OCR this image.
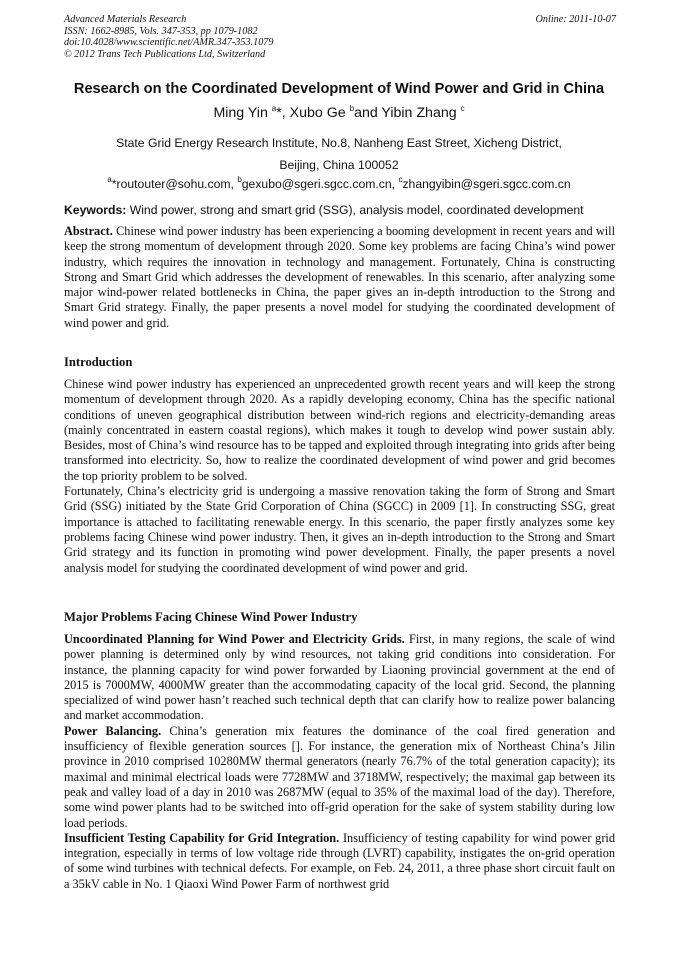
Advanced Materials Research
ISSN: 1662-8985, Vols. 347-353, pp 1079-1082
doi:10.4028/www.scientific.net/AMR.347-353.1079
© 2012 Trans Tech Publications Ltd, Switzerland
Online: 2011-10-07
Research on the Coordinated Development of Wind Power and Grid in China
Ming Yin $^a$*, Xubo Ge $^b$and Yibin Zhang $^c$
State Grid Energy Research Institute, No.8, Nanheng East Street, Xicheng District,
Beijing, China 100052
$^a$*routouter@sohu.com, $^b$gexubo@sgeri.sgcc.com.cn, $^c$zhangyibin@sgeri.sgcc.com.cn
Keywords: Wind power, strong and smart grid (SSG), analysis model, coordinated development

Abstract. Chinese wind power industry has been experiencing a booming development in recent years and will keep the strong momentum of development through 2020. Some key problems are facing China’s wind power industry, which requires the innovation in technology and management. Fortunately, China is constructing Strong and Smart Grid which addresses the development of renewables. In this scenario, after analyzing some major wind-power related bottlenecks in China, the paper gives an in-depth introduction to the Strong and Smart Grid strategy. Finally, the paper presents a novel model for studying the coordinated development of wind power and grid.

Introduction

Chinese wind power industry has experienced an unprecedented growth recent years and will keep the strong momentum of development through 2020. As a rapidly developing economy, China has the specific national conditions of uneven geographical distribution between wind-rich regions and electricity-demanding areas (mainly concentrated in eastern coastal regions), which makes it tough to develop wind power sustain ably. Besides, most of China’s wind resource has to be tapped and exploited through integrating into grids after being transformed into electricity. So, how to realize the coordinated development of wind power and grid becomes the top priority problem to be solved.

Fortunately, China’s electricity grid is undergoing a massive renovation taking the form of Strong and Smart Grid (SSG) initiated by the State Grid Corporation of China (SGCC) in 2009 [1]. In constructing SSG, great importance is attached to facilitating renewable energy. In this scenario, the paper firstly analyzes some key problems facing Chinese wind power industry. Then, it gives an in-depth introduction to the Strong and Smart Grid strategy and its function in promoting wind power development. Finally, the paper presents a novel analysis model for studying the coordinated development of wind power and grid.

Major Problems Facing Chinese Wind Power Industry

Uncoordinated Planning for Wind Power and Electricity Grids. First, in many regions, the scale of wind power planning is determined only by wind resources, not taking grid conditions into consideration. For instance, the planning capacity for wind power forwarded by Liaoning provincial government at the end of 2015 is 7000MW, 4000MW greater than the accommodating capacity of the local grid. Second, the planning specialized of wind power hasn’t reached such technical depth that can clarify how to realize power balancing and market accommodation.

Power Balancing. China’s generation mix features the dominance of the coal fired generation and insufficiency of flexible generation sources []. For instance, the generation mix of Northeast China’s Jilin province in 2010 comprised 10280MW thermal generators (nearly 76.7% of the total generation capacity); its maximal and minimal electrical loads were 7728MW and 3718MW, respectively; the maximal gap between its peak and valley load of a day in 2010 was 2687MW (equal to 35% of the maximal load of the day). Therefore, some wind power plants had to be switched into off-grid operation for the sake of system stability during low load periods.

Insufficient Testing Capability for Grid Integration. Insufficiency of testing capability for wind power grid integration, especially in terms of low voltage ride through (LVRT) capability, instigates the on-grid operation of some wind turbines with technical defects. For example, on Feb. 24, 2011, a three phase short circuit fault on a 35kV cable in No. 1 Qiaoxi Wind Power Farm of northwest grid
